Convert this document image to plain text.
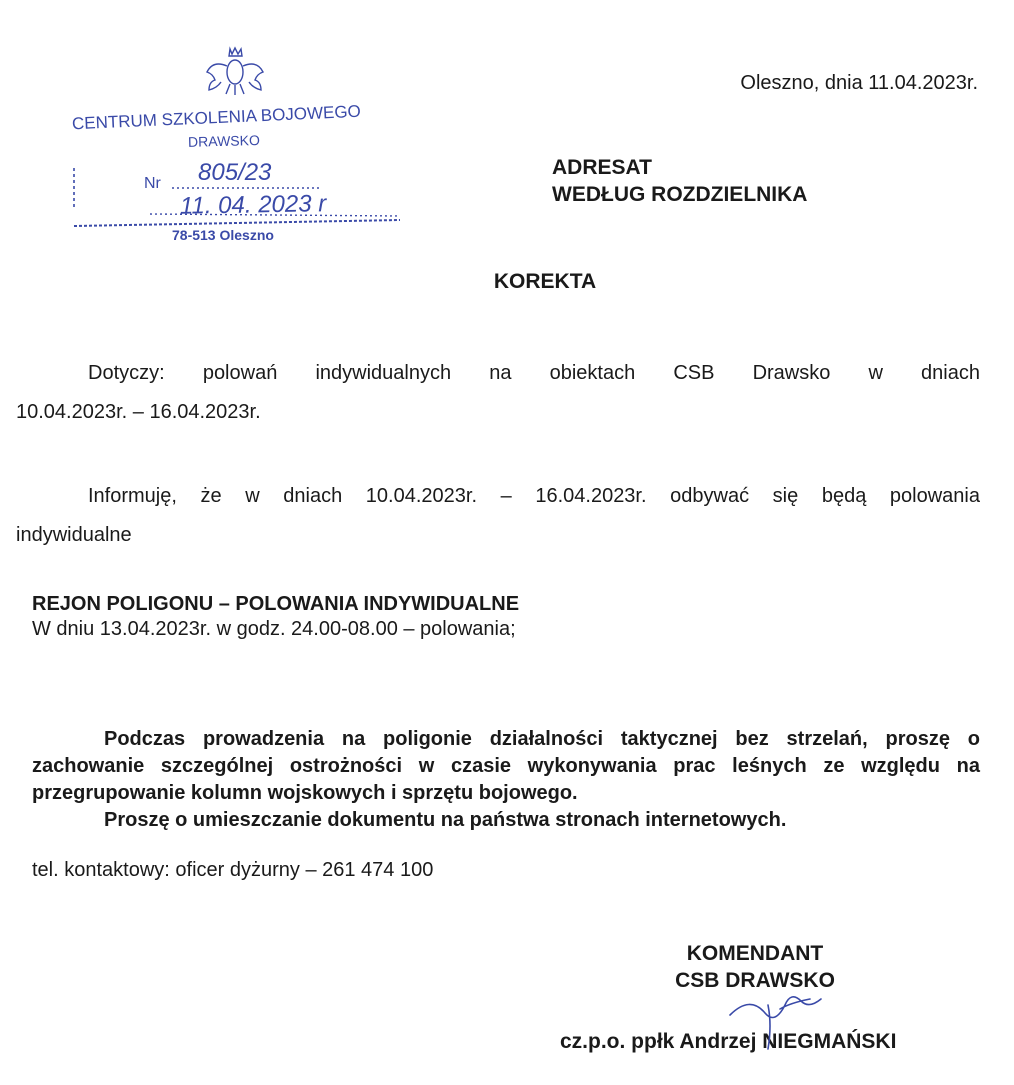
CENTRUM SZKOLENIA BOJOWEGO
DRAWSKO
Nr 805/23
11. 04. 2023 r
78-513 Oleszno
Oleszno, dnia 11.04.2023r.
ADRESAT
WEDŁUG ROZDZIELNIKA
KOREKTA
Dotyczy: polowań indywidualnych na obiektach CSB Drawsko w dniach
10.04.2023r. – 16.04.2023r.
Informuję, że w dniach 10.04.2023r. – 16.04.2023r. odbywać się będą polowania
indywidualne
REJON POLIGONU – POLOWANIA INDYWIDUALNE
W dniu 13.04.2023r. w godz. 24.00-08.00 – polowania;
Podczas prowadzenia na poligonie działalności taktycznej bez strzelań, proszę o zachowanie szczególnej ostrożności w czasie wykonywania prac leśnych ze względu na przegrupowanie kolumn wojskowych i sprzętu bojowego.
Proszę o umieszczanie dokumentu na państwa stronach internetowych.
tel. kontaktowy: oficer dyżurny – 261 474 100
KOMENDANT
CSB DRAWSKO
cz.p.o. ppłk Andrzej NIEGMAŃSKI
